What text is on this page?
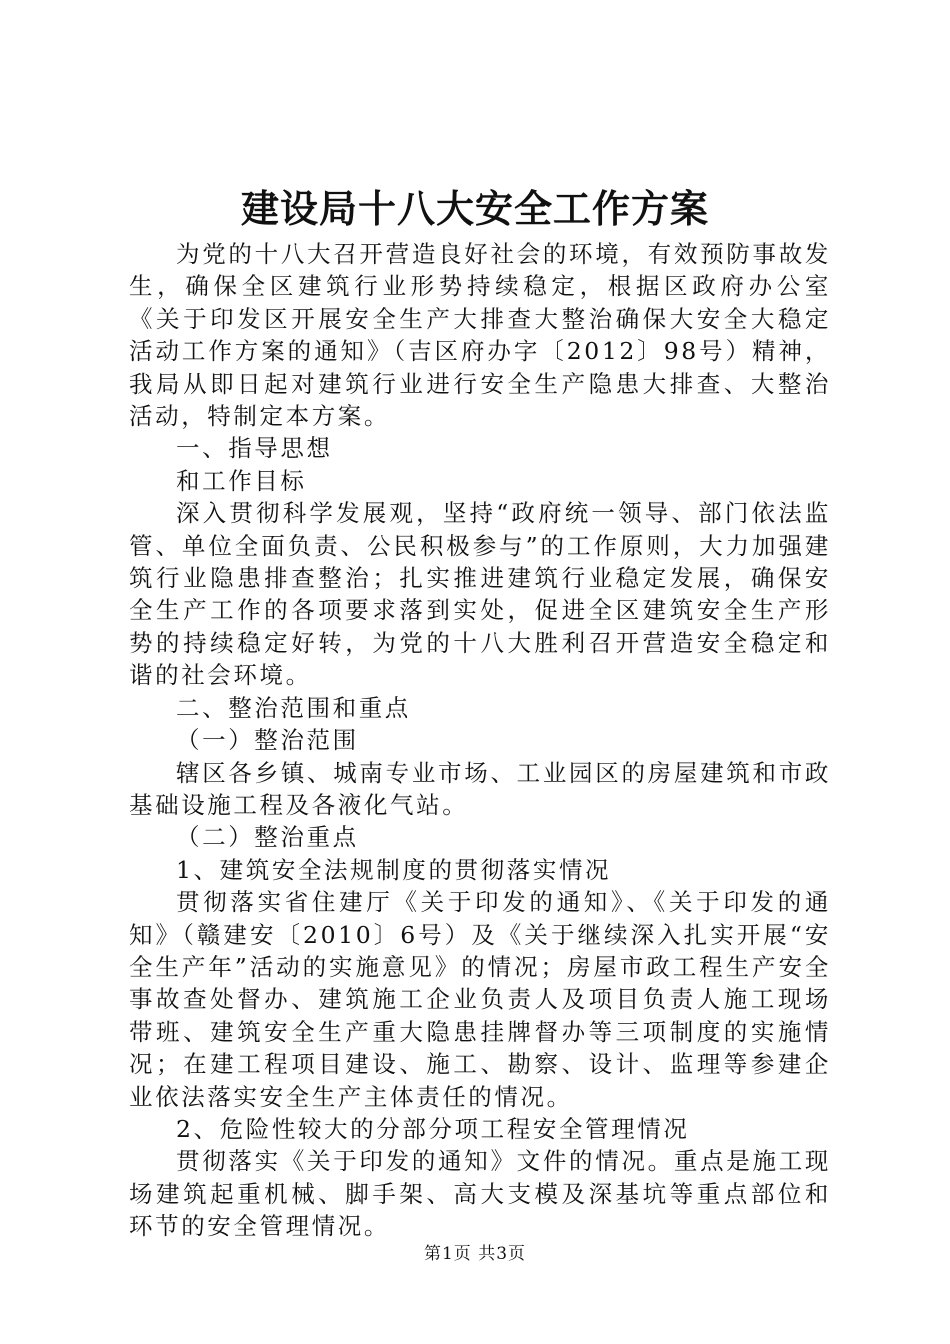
建设局十八大安全工作方案

为党的十八大召开营造良好社会的环境，有效预防事故发生，确保全区建筑行业形势持续稳定，根据区政府办公室《关于印发区开展安全生产大排查大整治确保大安全大稳定活动工作方案的通知》（吉区府办字〔2012〕98号）精神，我局从即日起对建筑行业进行安全生产隐患大排查、大整治活动，特制定本方案。

一、指导思想

和工作目标

深入贯彻科学发展观，坚持“政府统一领导、部门依法监管、单位全面负责、公民积极参与”的工作原则，大力加强建筑行业隐患排查整治；扎实推进建筑行业稳定发展，确保安全生产工作的各项要求落到实处，促进全区建筑安全生产形势的持续稳定好转，为党的十八大胜利召开营造安全稳定和谐的社会环境。

二、整治范围和重点

（一）整治范围

辖区各乡镇、城南专业市场、工业园区的房屋建筑和市政基础设施工程及各液化气站。

（二）整治重点

1、建筑安全法规制度的贯彻落实情况

贯彻落实省住建厅《关于印发的通知》、《关于印发的通知》（赣建安〔2010〕6号）及《关于继续深入扎实开展“安全生产年”活动的实施意见》的情况；房屋市政工程生产安全事故查处督办、建筑施工企业负责人及项目负责人施工现场带班、建筑安全生产重大隐患挂牌督办等三项制度的实施情况；在建工程项目建设、施工、勘察、设计、监理等参建企业依法落实安全生产主体责任的情况。

2、危险性较大的分部分项工程安全管理情况

贯彻落实《关于印发的通知》文件的情况。重点是施工现场建筑起重机械、脚手架、高大支模及深基坑等重点部位和环节的安全管理情况。

第1页 共3页
